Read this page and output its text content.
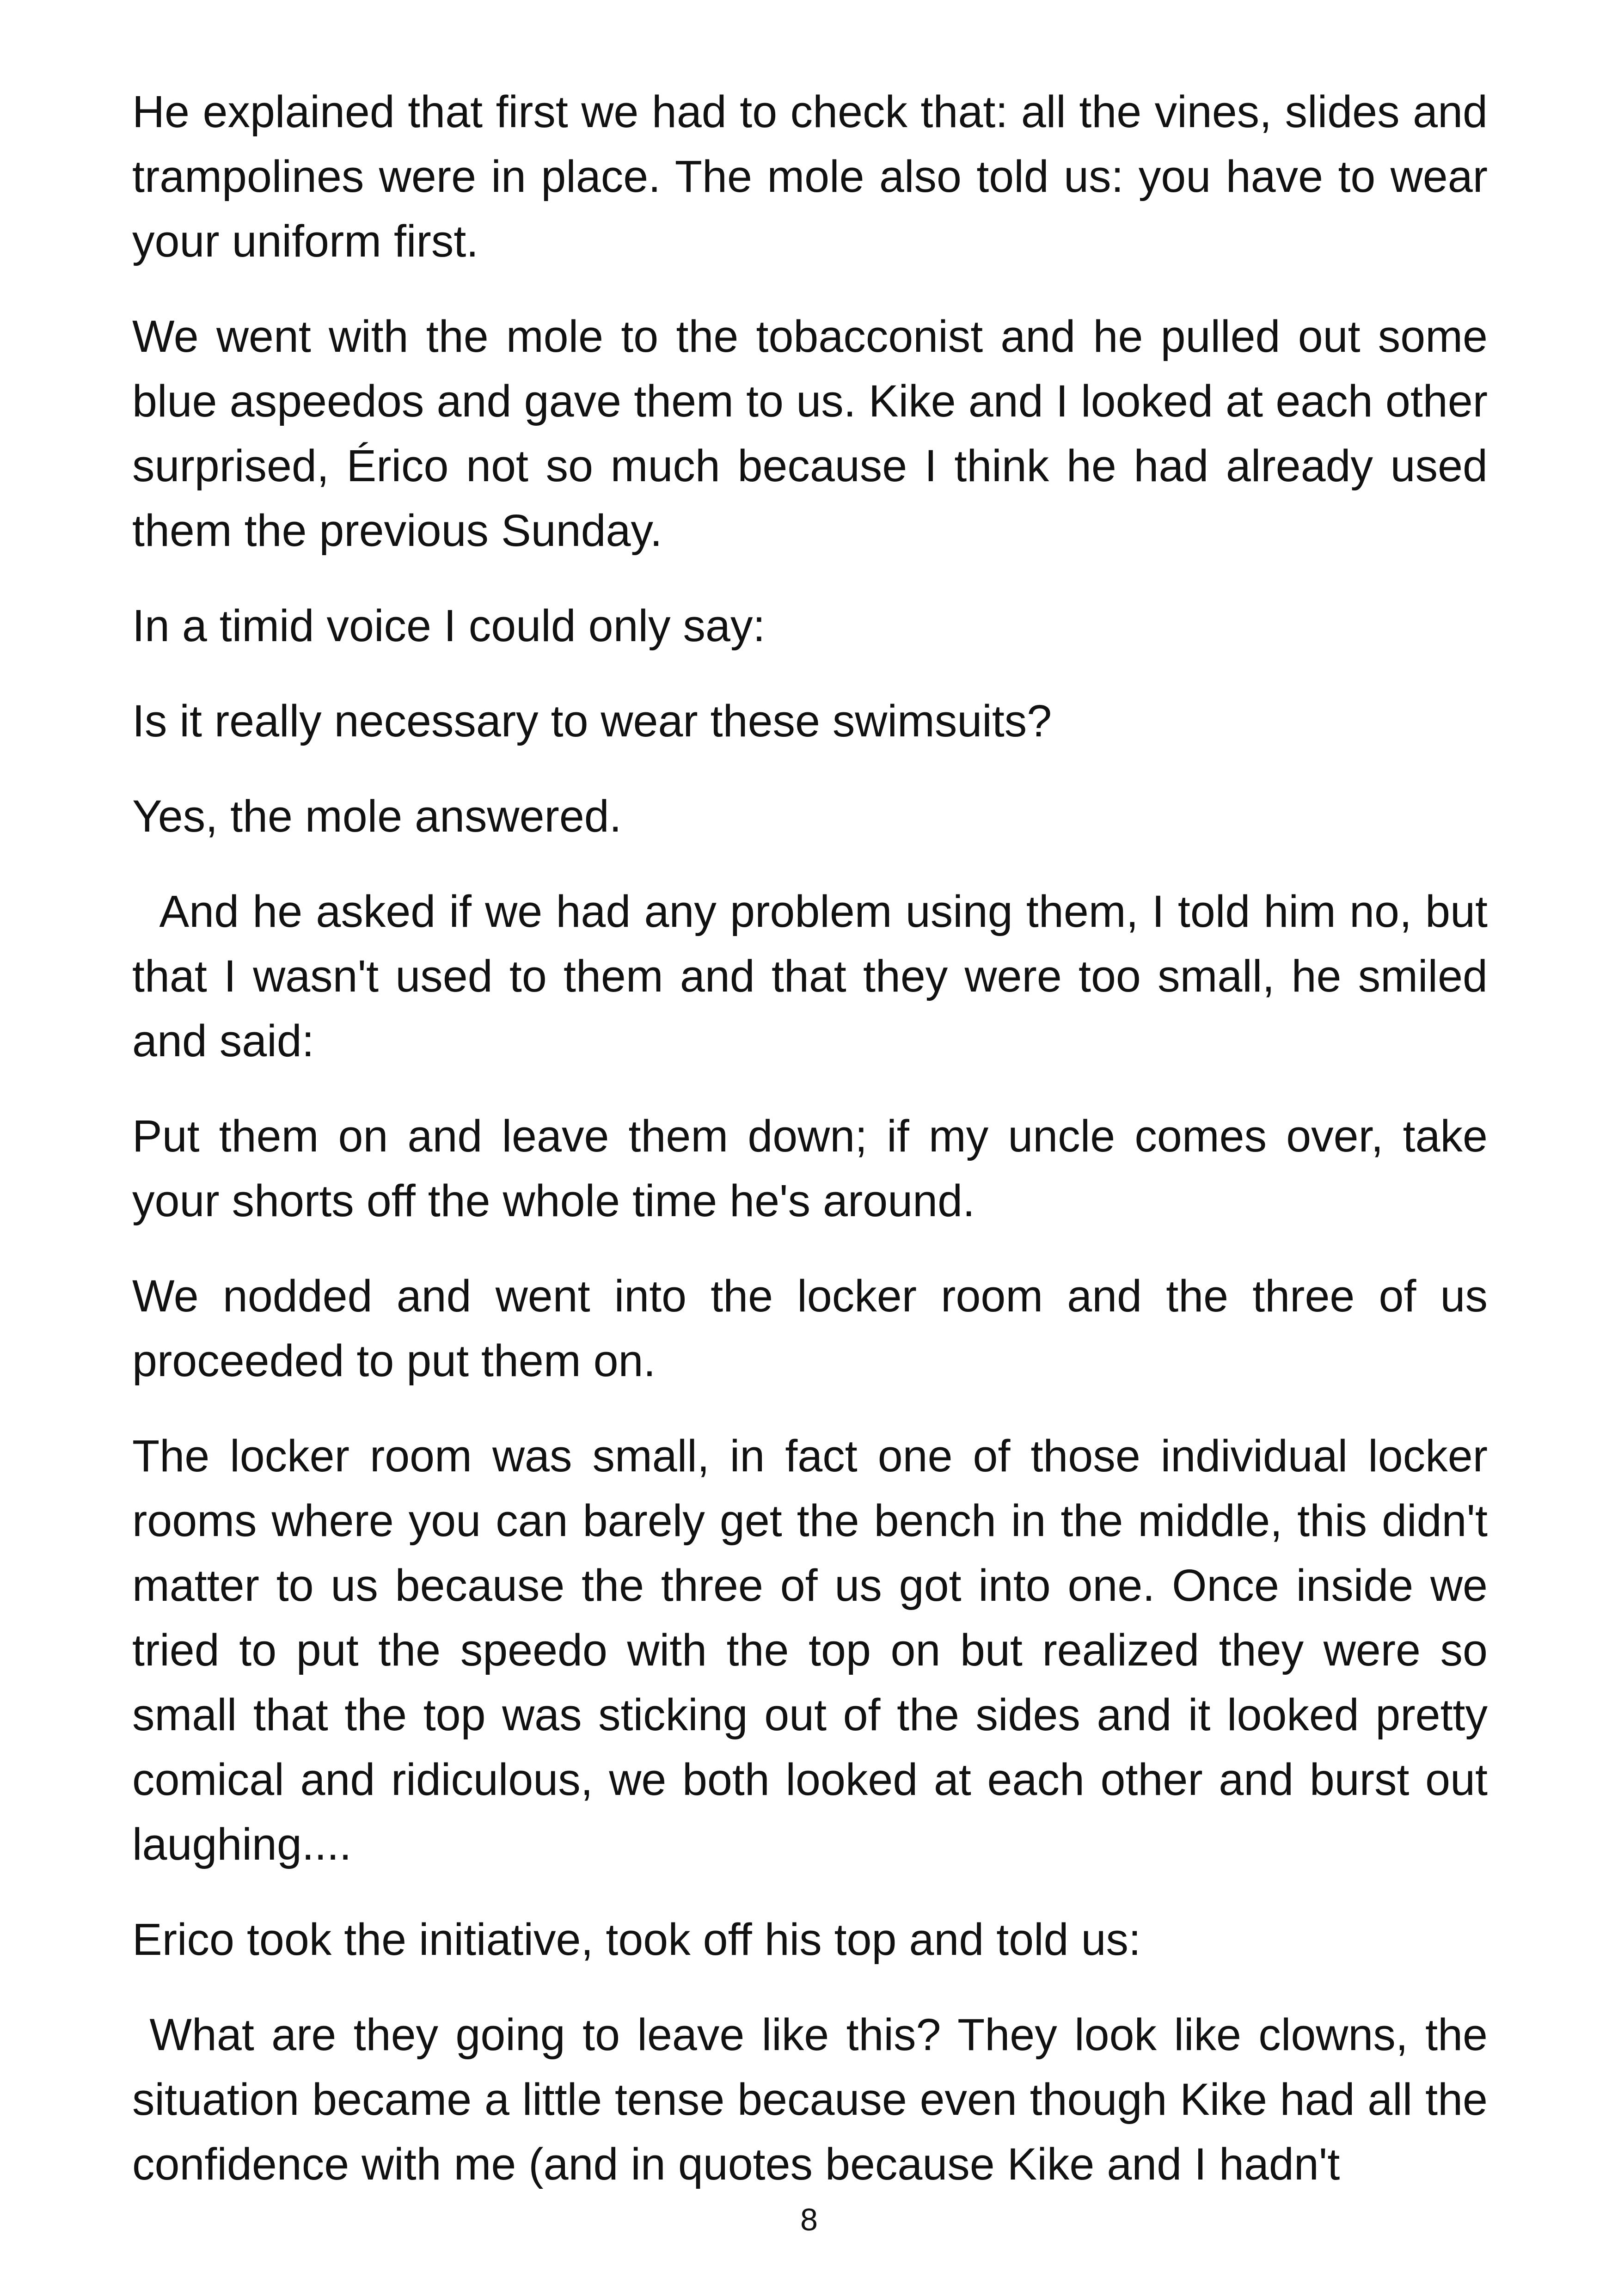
He explained that first we had to check that: all the vines, slides and trampolines were in place. The mole also told us: you have to wear your uniform first.

We went with the mole to the tobacconist and he pulled out some blue aspeedos and gave them to us. Kike and I looked at each other surprised, Érico not so much because I think he had already used them the previous Sunday.

In a timid voice I could only say:

Is it really necessary to wear these swimsuits?

Yes, the mole answered.

And he asked if we had any problem using them, I told him no, but that I wasn't used to them and that they were too small, he smiled and said:

Put them on and leave them down; if my uncle comes over, take your shorts off the whole time he's around.

We nodded and went into the locker room and the three of us proceeded to put them on.

The locker room was small, in fact one of those individual locker rooms where you can barely get the bench in the middle, this didn't matter to us because the three of us got into one. Once inside we tried to put the speedo with the top on but realized they were so small that the top was sticking out of the sides and it looked pretty comical and ridiculous, we both looked at each other and burst out laughing....

Erico took the initiative, took off his top and told us:

What are they going to leave like this? They look like clowns, the situation became a little tense because even though Kike had all the confidence with me (and in quotes because Kike and I hadn't

8
